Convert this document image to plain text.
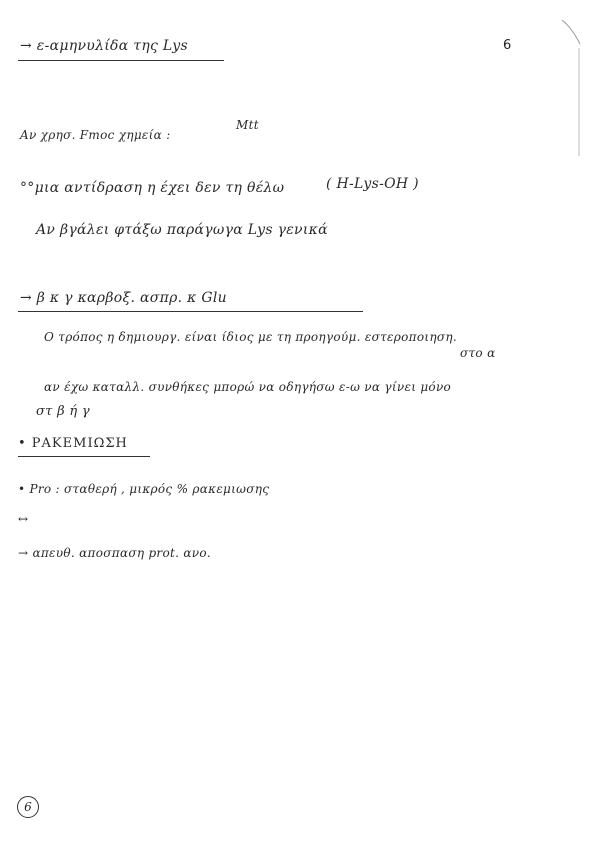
6
→ ε-αμηνυλίδα της Lys
Αν χρησ. Fmoc χημεία :
Mtt
°°μια αντίδραση η έχει δεν τη θέλω	( H-Lys-OH )
Αν βγάλει φτάξω παράγωγα Lys γενικά
→ β κ γ καρβοξ. ασπρ. κ Glu
Ο τρόπος η δημιουργ. είναι ίδιος με τη προηγούμ. εστεροποιηση.
στο α
αν έχω καταλλ. συνθήκες μπορώ να οδηγήσω ε-ω να γίνει μόνο
στ β ή γ
• ΡΑΚΕΜΙΩΣΗ
• Pro : σταθερή , μικρός % ρακεμιωσης
↔
→ απευθ. αποσπαση prot. ανο.
6
